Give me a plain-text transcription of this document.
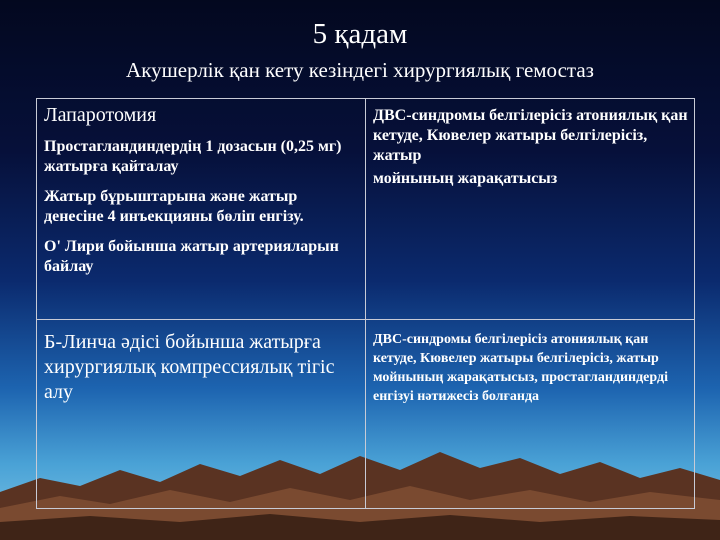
5 қадам
Акушерлік қан кету кезіндегі хирургиялық гемостаз
Лапаротомия
Простагландиндердің 1 дозасын (0,25 мг) жатырға қайталау
Жатыр бұрыштарына және жатыр денесіне 4 инъекцияны бөліп енгізу.
О' Лири бойынша жатыр артерияларын байлау	ДВС-синдромы белгілерісіз атониялық қан кетуде, Кювелер жатыры белгілерісіз, жатыр
мойнының жарақатысыз

Б-Линча әдісі бойынша жатырға хирургиялық компрессиялық тігіс алу	ДВС-синдромы белгілерісіз атониялық қан кетуде, Кювелер жатыры белгілерісіз, жатыр мойнының жарақатысыз, простагландиндерді енгізуі нәтижесіз болғанда
